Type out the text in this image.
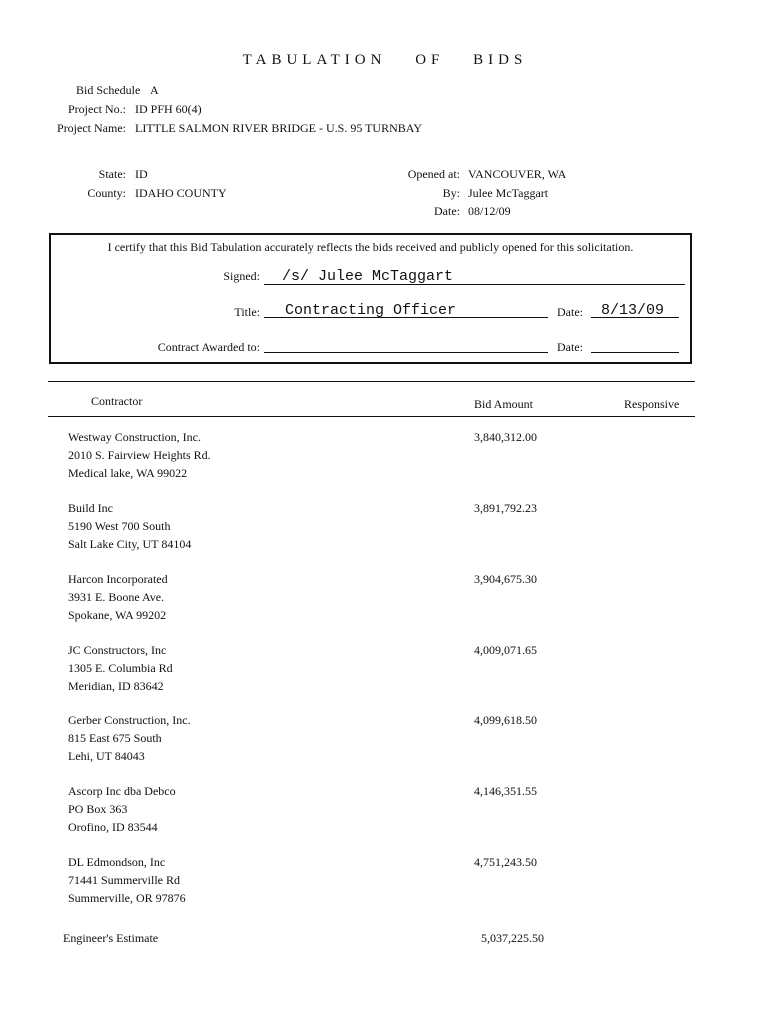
TABULATION OF BIDS
Bid Schedule A
Project No.: ID PFH 60(4)
Project Name: LITTLE SALMON RIVER BRIDGE - U.S. 95 TURNBAY
State: ID
County: IDAHO COUNTY
Opened at: VANCOUVER, WA
By: Julee McTaggart
Date: 08/12/09
I certify that this Bid Tabulation accurately reflects the bids received and publicly opened for this solicitation.
Signed: /s/ Julee McTaggart
Title: Contracting Officer	Date: 8/13/09
Contract Awarded to:	Date:
Contractor	Bid Amount	Responsive
Westway Construction, Inc.
2010 S. Fairview Heights Rd.
Medical lake, WA 99022
3,840,312.00
Build Inc
5190 West 700 South
Salt Lake City, UT 84104
3,891,792.23
Harcon Incorporated
3931 E. Boone Ave.
Spokane, WA 99202
3,904,675.30
JC Constructors, Inc
1305 E. Columbia Rd
Meridian, ID 83642
4,009,071.65
Gerber Construction, Inc.
815 East 675 South
Lehi, UT 84043
4,099,618.50
Ascorp Inc dba Debco
PO Box 363
Orofino, ID 83544
4,146,351.55
DL Edmondson, Inc
71441 Summerville Rd
Summerville, OR 97876
4,751,243.50
Engineer's Estimate	5,037,225.50
